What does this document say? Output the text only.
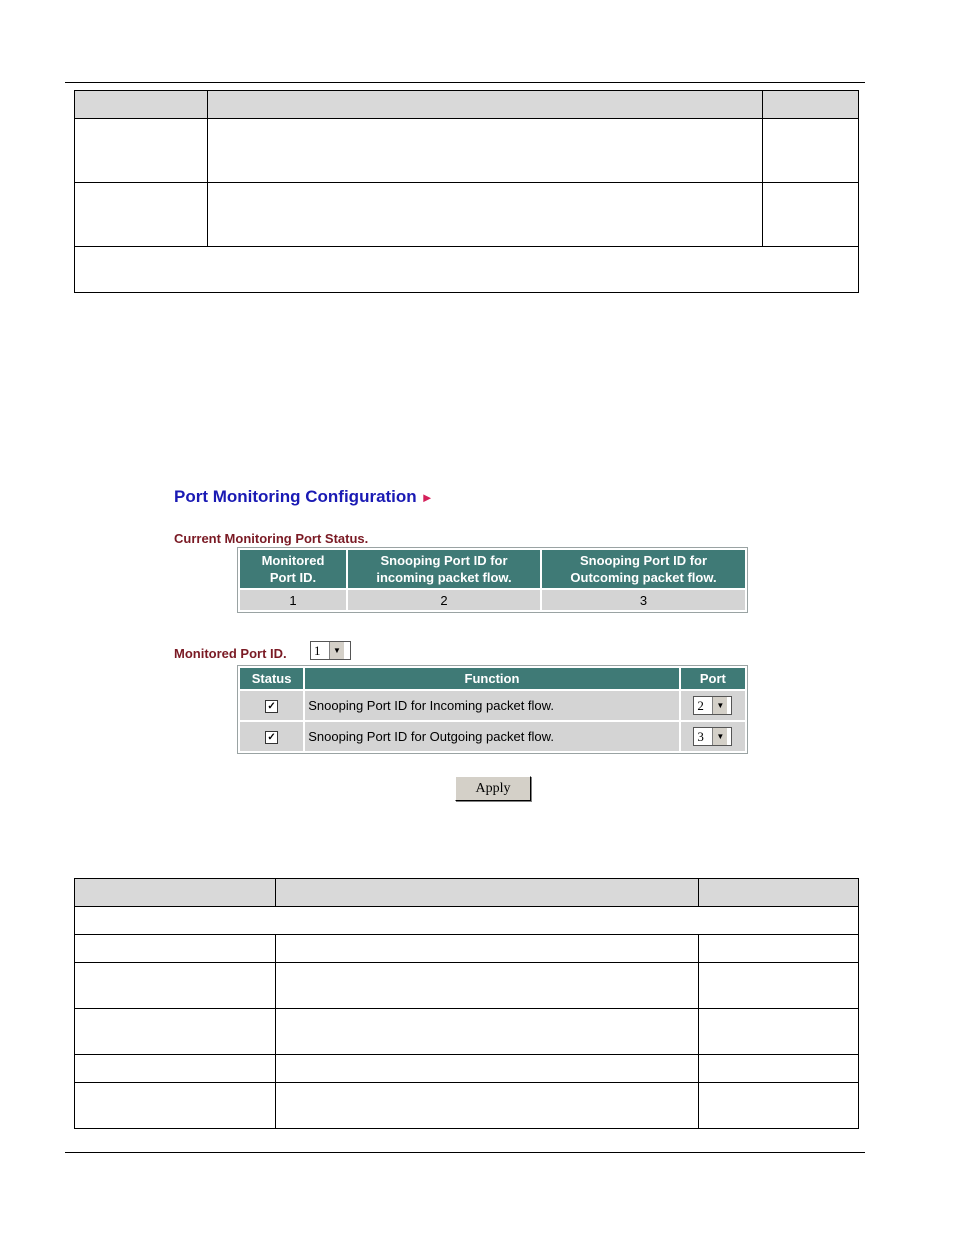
Port Monitoring Configuration ►
Current Monitoring Port Status.
Monitored Port ID.	Snooping Port ID for incoming packet flow.	Snooping Port ID for Outcoming packet flow.
1	2	3
Monitored Port ID. 1	▼
Status	Function	Port
✓	Snooping Port ID for Incoming packet flow.	2 ▼

✓	Snooping Port ID for Outgoing packet flow.	3 ▼
Apply
